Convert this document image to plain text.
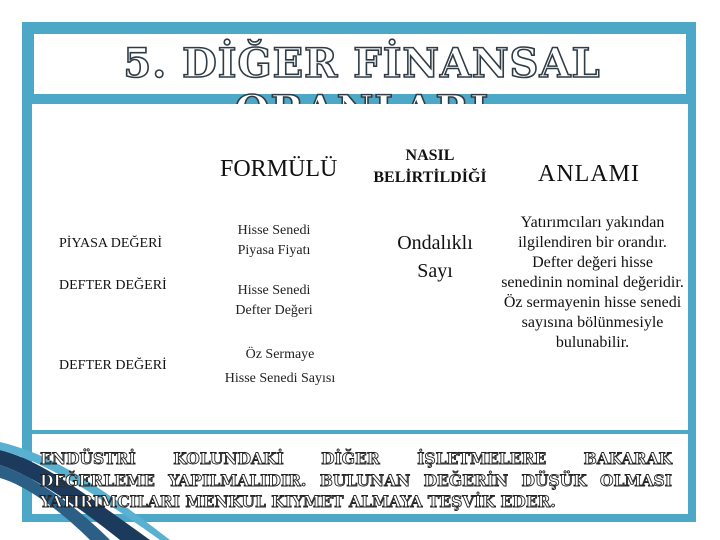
5. DİĞER FİNANSAL
FORMÜLÜ
NASIL
BELİRTİLDİĞİ	ANLAMI
PİYASA DEĞERİ
Hisse Senedi
Piyasa Fiyatı
DEFTER DEĞERİ	Hisse Senedi
Defter Değeri
DEFTER DEĞERİ
Öz Sermaye
Hisse Senedi Sayısı
Ondalıklı
Sayı
Yatırımcıları yakından ilgilendiren bir orandır. Defter değeri hisse senedinin nominal değeridir. Öz sermayenin hisse senedi sayısına bölünmesiyle bulunabilir.
ENDÜSTRİ KOLUNDAKİ DİĞER İŞLETMELERE BAKARAK
DEĞERLEME YAPILMALIDIR. BULUNAN DEĞERİN DÜŞÜK OLMASI
YATIRIMCILARI MENKUL KIYMET ALMAYA TEŞVİK EDER.
